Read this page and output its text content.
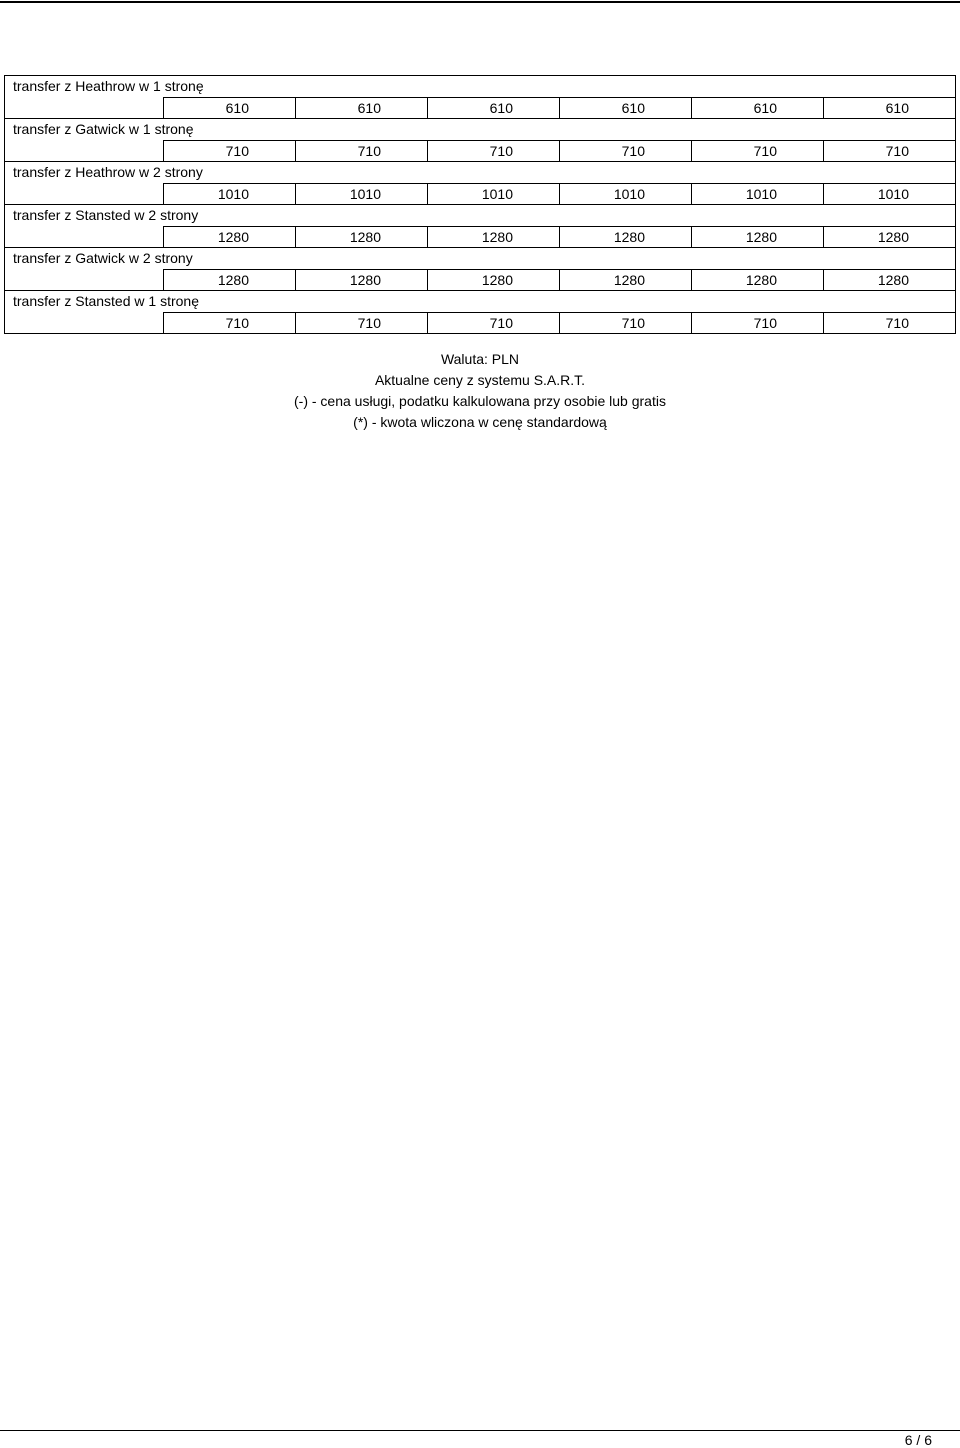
transfer z Heathrow w 1 stronę
610	610	610	610	610	610
transfer z Gatwick w 1 stronę
710	710	710	710	710	710
transfer z Heathrow w 2 strony
1010	1010	1010	1010	1010	1010
transfer z Stansted w 2 strony
1280	1280	1280	1280	1280	1280
transfer z Gatwick w 2 strony
1280	1280	1280	1280	1280	1280
transfer z Stansted w 1 stronę
710	710	710	710	710	710
Waluta: PLN
Aktualne ceny z systemu S.A.R.T.
(-) - cena usługi, podatku kalkulowana przy osobie lub gratis
(*) - kwota wliczona w cenę standardową
6 / 6
